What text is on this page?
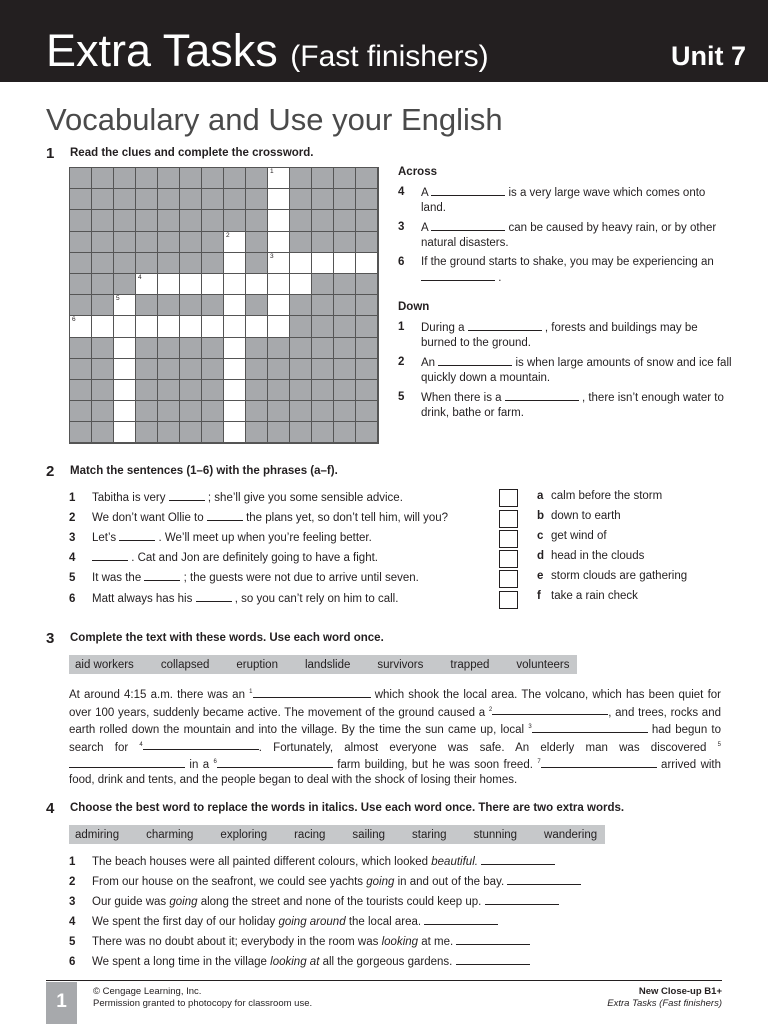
Extra Tasks (Fast finishers)	Unit 7
Vocabulary and Use your English
1 Read the clues and complete the crossword.
1
2
3
4
5
6
Across
4 A	is a very large wave which comes onto land.
3 A	can be caused by heavy rain, or by other natural disasters.
6 If the ground starts to shake, you may be experiencing an  .
Down
1 During a	, forests and buildings may be burned to the ground.
2 An	is when large amounts of snow and ice fall quickly down a mountain.
5 When there is a	, there isn’t enough water to drink, bathe or farm.
2 Match the sentences (1–6) with the phrases (a–f).
1 Tabitha is very	; she’ll give you some sensible advice.
2 We don’t want Ollie to	the plans yet, so don’t tell him, will you?
3 Let’s	. We’ll meet up when you’re feeling better.
4	. Cat and Jon are definitely going to have a fight.
5 It was the	; the guests were not due to arrive until seven.
6 Matt always has his	, so you can’t rely on him to call.
a calm before the storm
b down to earth
c get wind of
d head in the clouds
e storm clouds are gathering
f take a rain check
3 Complete the text with these words. Use each word once.
aid workers collapsed eruption landslide survivors trapped volunteers
At around 4:15 a.m. there was an $^1$	which shook the local area. The volcano, which has been quiet for over 100 years, suddenly became active. The movement of the ground caused a $^2$	, and trees, rocks and earth rolled down the mountain and into the village. By the time the sun came up, local $^3$	had begun to search for $^4$	. Fortunately, almost everyone was safe. An elderly man was discovered $^5$ in a $^6$	farm building, but he was soon freed. $^7$	arrived with food, drink and tents, and the people began to deal with the shock of losing their homes.
4 Choose the best word to replace the words in italics. Use each word once. There are two extra words.
admiring charming exploring racing sailing staring stunning wandering
1 The beach houses were all painted different colours, which looked beautiful.
2 From our house on the seafront, we could see yachts going in and out of the bay.
3 Our guide was going along the street and none of the tourists could keep up.
4 We spent the first day of our holiday going around the local area.
5 There was no doubt about it; everybody in the room was looking at me.
6 We spent a long time in the village looking at all the gorgeous gardens.
1	© Cengage Learning, Inc.
Permission granted to photocopy for classroom use.
New Close-up B1+
Extra Tasks (Fast finishers)
